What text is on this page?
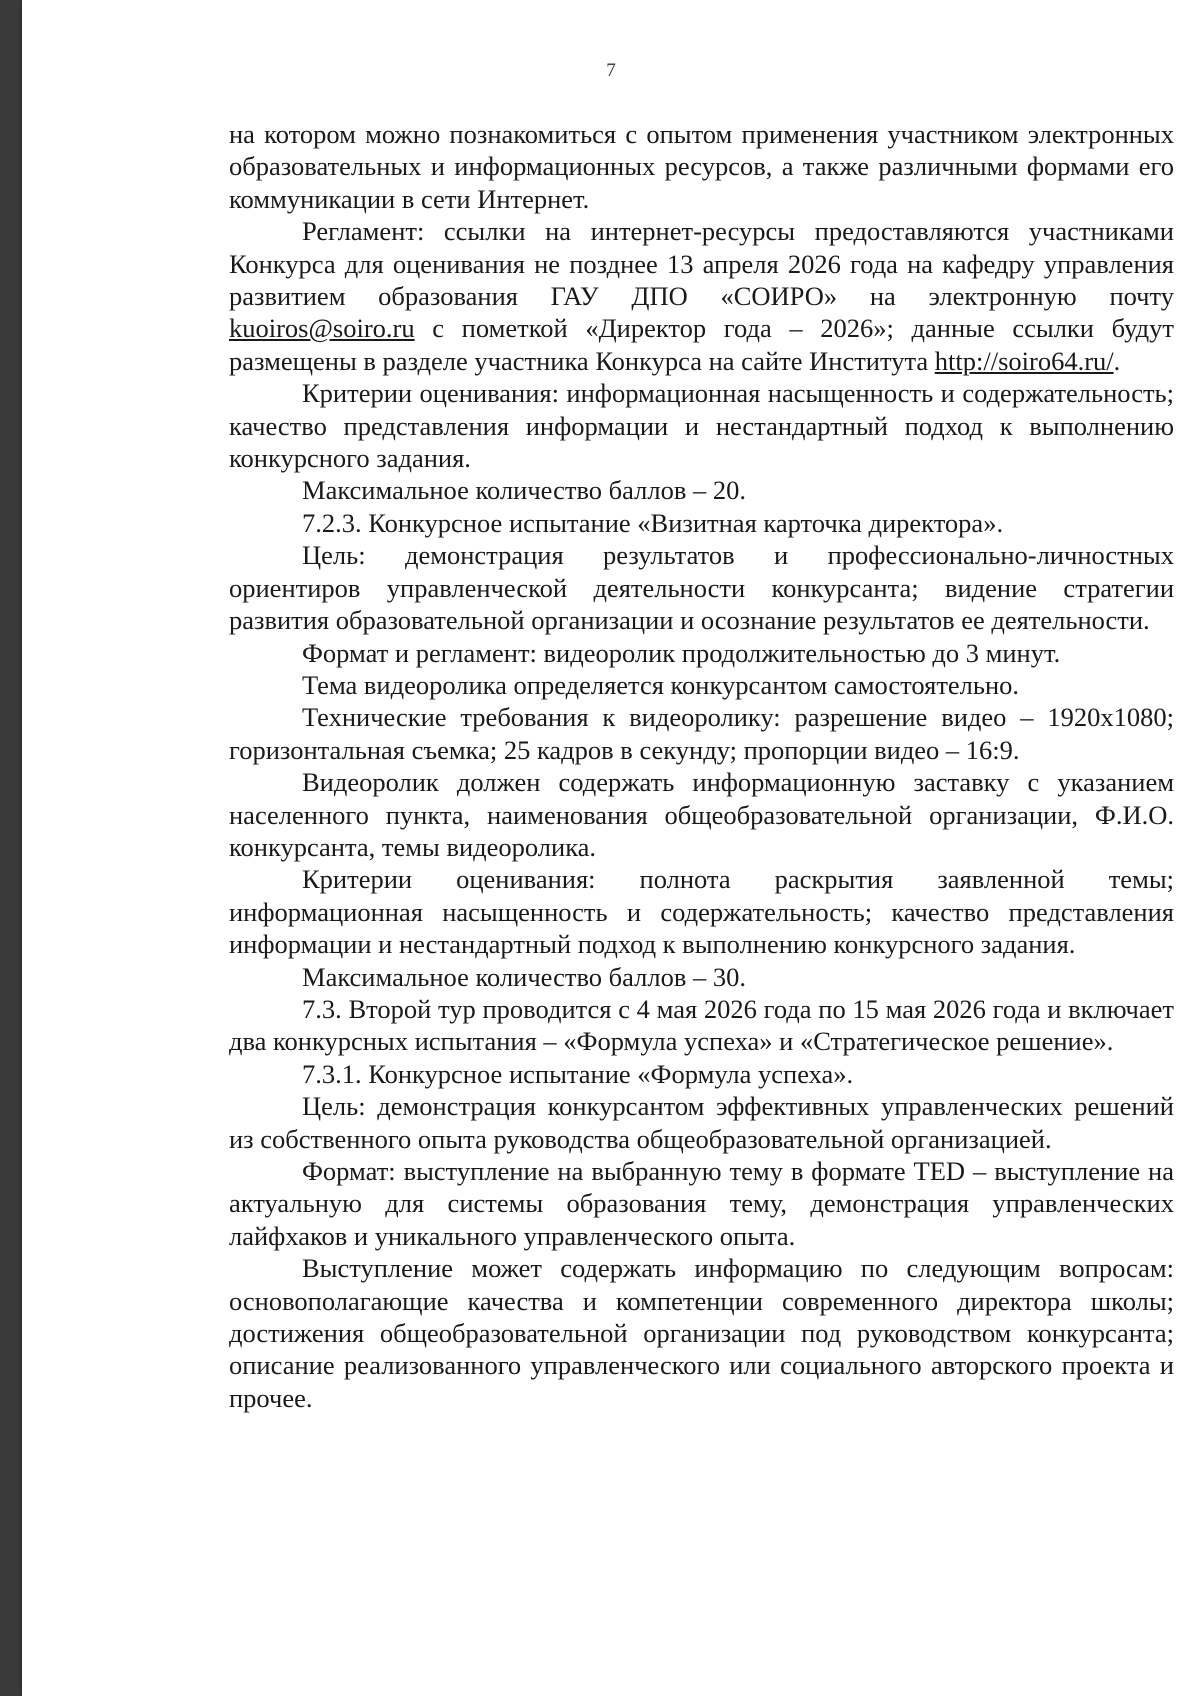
7

на котором можно познакомиться с опытом применения участником электронных образовательных и информационных ресурсов, а также различными формами его коммуникации в сети Интернет.

Регламент: ссылки на интернет-ресурсы предоставляются участниками Конкурса для оценивания не позднее 13 апреля 2026 года на кафедру управления развитием образования ГАУ ДПО «СОИРО» на электронную почту kuoiros@soiro.ru с пометкой «Директор года – 2026»; данные ссылки будут размещены в разделе участника Конкурса на сайте Института http://soiro64.ru/.

Критерии оценивания: информационная насыщенность и содержательность; качество представления информации и нестандартный подход к выполнению конкурсного задания.

Максимальное количество баллов – 20.

7.2.3. Конкурсное испытание «Визитная карточка директора».

Цель: демонстрация результатов и профессионально-личностных ориентиров управленческой деятельности конкурсанта; видение стратегии развития образовательной организации и осознание результатов ее деятельности.

Формат и регламент: видеоролик продолжительностью до 3 минут.

Тема видеоролика определяется конкурсантом самостоятельно.

Технические требования к видеоролику: разрешение видео – 1920x1080; горизонтальная съемка; 25 кадров в секунду; пропорции видео – 16:9.

Видеоролик должен содержать информационную заставку с указанием населенного пункта, наименования общеобразовательной организации, Ф.И.О. конкурсанта, темы видеоролика.

Критерии оценивания: полнота раскрытия заявленной темы; информационная насыщенность и содержательность; качество представления информации и нестандартный подход к выполнению конкурсного задания.

Максимальное количество баллов – 30.

7.3. Второй тур проводится с 4 мая 2026 года по 15 мая 2026 года и включает два конкурсных испытания – «Формула успеха» и «Стратегическое решение».

7.3.1. Конкурсное испытание «Формула успеха».

Цель: демонстрация конкурсантом эффективных управленческих решений из собственного опыта руководства общеобразовательной организацией.

Формат: выступление на выбранную тему в формате TED – выступление на актуальную для системы образования тему, демонстрация управленческих лайфхаков и уникального управленческого опыта.

Выступление может содержать информацию по следующим вопросам: основополагающие качества и компетенции современного директора школы; достижения общеобразовательной организации под руководством конкурсанта; описание реализованного управленческого или социального авторского проекта и прочее.
